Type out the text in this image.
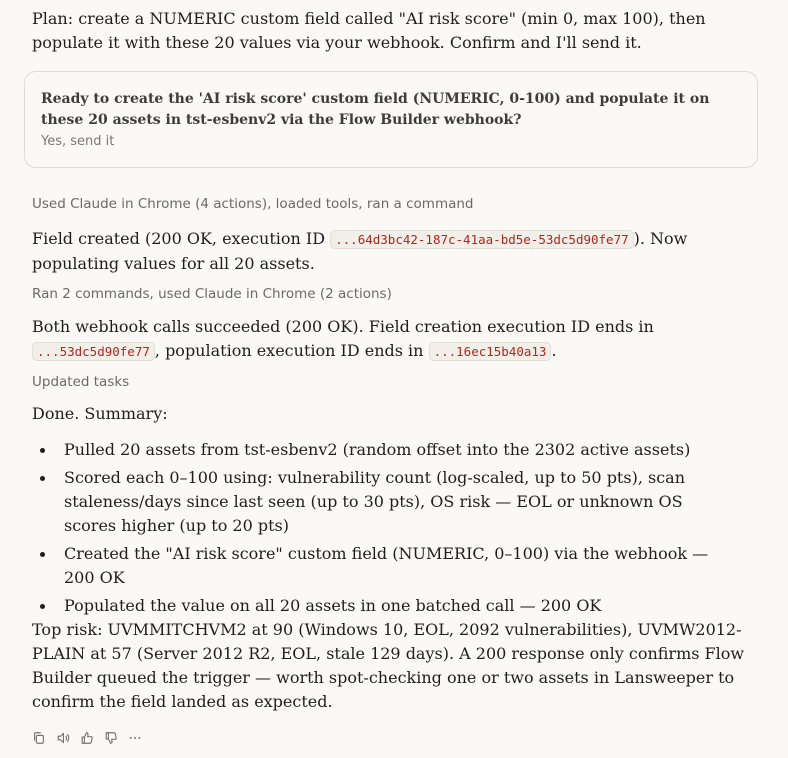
Plan: create a NUMERIC custom field called "AI risk score" (min 0, max 100), then populate it with these 20 values via your webhook. Confirm and I'll send it.
Ready to create the 'AI risk score' custom field (NUMERIC, 0-100) and populate it on these 20 assets in tst-esbenv2 via the Flow Builder webhook?
Yes, send it
Used Claude in Chrome (4 actions), loaded tools, ran a command
Field created (200 OK, execution ID ...64d3bc42-187c-41aa-bd5e-53dc5d90fe77 ). Now populating values for all 20 assets.
Ran 2 commands, used Claude in Chrome (2 actions)
Both webhook calls succeeded (200 OK). Field creation execution ID ends in ...53dc5d90fe77 , population execution ID ends in ...16ec15b40a13 .
Updated tasks
Done. Summary:
Pulled 20 assets from tst-esbenv2 (random offset into the 2302 active assets)
Scored each 0–100 using: vulnerability count (log-scaled, up to 50 pts), scan staleness/days since last seen (up to 30 pts), OS risk — EOL or unknown OS scores higher (up to 20 pts)
Created the "AI risk score" custom field (NUMERIC, 0–100) via the webhook — 200 OK
Populated the value on all 20 assets in one batched call — 200 OK
Top risk: UVMMITCHVM2 at 90 (Windows 10, EOL, 2092 vulnerabilities), UVMW2012-PLAIN at 57 (Server 2012 R2, EOL, stale 129 days). A 200 response only confirms Flow Builder queued the trigger — worth spot-checking one or two assets in Lansweeper to confirm the field landed as expected.
